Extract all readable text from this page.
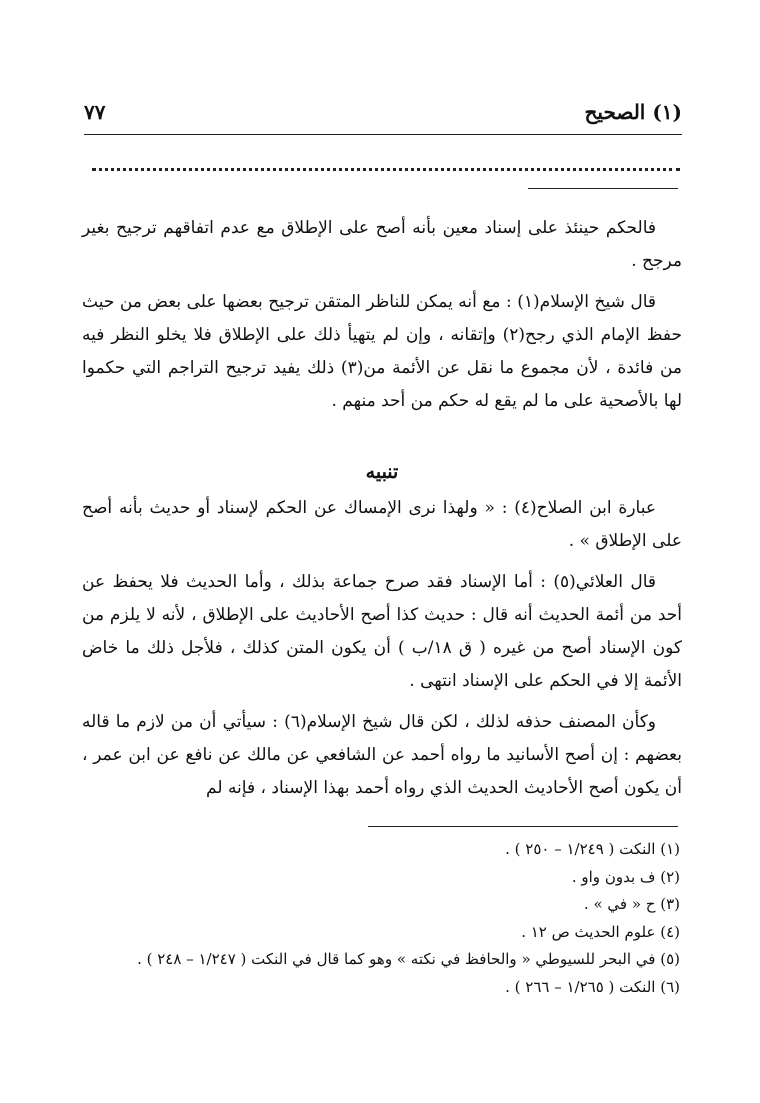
(١) الصحيح
٧٧

فالحكم حينئذ على إسناد معين بأنه أصح على الإطلاق مع عدم اتفاقهم ترجيح بغير مرجح .

قال شيخ الإسلام(١) : مع أنه يمكن للناظر المتقن ترجيح بعضها على بعض من حيث حفظ الإمام الذي رجح(٢) وإتقانه ، وإن لم يتهيأ ذلك على الإطلاق فلا يخلو النظر فيه من فائدة ، لأن مجموع ما نقل عن الأئمة من(٣) ذلك يفيد ترجيح التراجم التي حكموا لها بالأصحية على ما لم يقع له حكم من أحد منهم .

تنبيه

عبارة ابن الصلاح(٤) : « ولهذا نرى الإمساك عن الحكم لإسناد أو حديث بأنه أصح على الإطلاق » .

قال العلائي(٥) : أما الإسناد فقد صرح جماعة بذلك ، وأما الحديث فلا يحفظ عن أحد من أئمة الحديث أنه قال : حديث كذا أصح الأحاديث على الإطلاق ، لأنه لا يلزم من كون الإسناد أصح من غيره ( ق ١٨/ب ) أن يكون المتن كذلك ، فلأجل ذلك ما خاض الأئمة إلا في الحكم على الإسناد انتهى .

وكأن المصنف حذفه لذلك ، لكن قال شيخ الإسلام(٦) : سيأتي أن من لازم ما قاله بعضهم : إن أصح الأسانيد ما رواه أحمد عن الشافعي عن مالك عن نافع عن ابن عمر ، أن يكون أصح الأحاديث الحديث الذي رواه أحمد بهذا الإسناد ، فإنه لم

(١) النكت ( ١/٢٤٩ – ٢٥٠ ) .
(٢) ف بدون واو .
(٣) ح « في » .
(٤) علوم الحديث ص ١٢ .
(٥) في البحر للسيوطي « والحافظ في نكته » وهو كما قال في النكت ( ١/٢٤٧ – ٢٤٨ ) .
(٦) النكت ( ١/٢٦٥ – ٢٦٦ ) .
